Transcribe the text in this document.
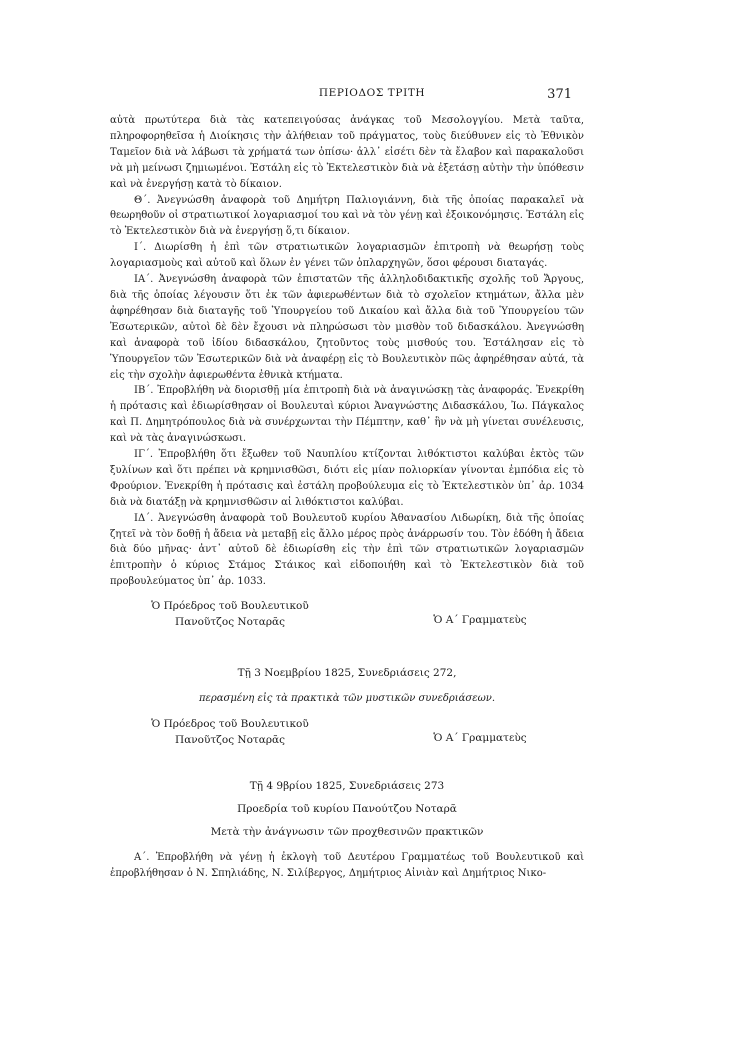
ΠΕΡΙΟΔΟΣ ΤΡΙΤΗ	371

αὐτὰ πρωτύτερα διὰ τὰς κατεπειγούσας ἀνάγκας τοῦ Μεσολογγίου. Μετὰ ταῦτα, πληροφορηθεῖσα ἡ Διοίκησις τὴν ἀλήθειαν τοῦ πράγματος, τοὺς διεύθυνεν εἰς τὸ Ἐθνικὸν Ταμεῖον διὰ νὰ λάβωσι τὰ χρήματά των ὀπίσω· ἀλλ᾽ εἰσέτι δὲν τὰ ἔλαβον καὶ παρακαλοῦσι νὰ μὴ μείνωσι ζημιωμένοι. Ἐστάλη εἰς τὸ Ἐκτελεστικὸν διὰ νὰ ἐξετάσῃ αὐτὴν τὴν ὑπόθεσιν καὶ νὰ ἐνεργήσῃ κατὰ τὸ δίκαιον.

Θ΄. Ἀνεγνώσθη ἀναφορὰ τοῦ Δημήτρη Παλιογιάννη, διὰ τῆς ὁποίας παρακαλεῖ νὰ θεωρηθοῦν οἱ στρατιωτικοί λογαριασμοί του καὶ νὰ τὸν γένῃ καὶ ἐξοικονόμησις. Ἐστάλη εἰς τὸ Ἐκτελεστικὸν διὰ νὰ ἐνεργήσῃ ὅ,τι δίκαιον.

Ι΄. Διωρίσθη ἡ ἐπὶ τῶν στρατιωτικῶν λογαριασμῶν ἐπιτροπὴ νὰ θεωρήσῃ τοὺς λογαριασμοὺς καὶ αὐτοῦ καὶ ὅλων ἐν γένει τῶν ὁπλαρχηγῶν, ὅσοι φέρουσι διαταγάς.

ΙΑ΄. Ἀνεγνώσθη ἀναφορὰ τῶν ἐπιστατῶν τῆς ἀλληλοδιδακτικῆς σχολῆς τοῦ Ἄργους, διὰ τῆς ὁποίας λέγουσιν ὅτι ἐκ τῶν ἀφιερωθέντων διὰ τὸ σχολεῖον κτημάτων, ἄλλα μὲν ἀφηρέθησαν διὰ διαταγῆς τοῦ Ὑπουργείου τοῦ Δικαίου καὶ ἄλλα διὰ τοῦ Ὑπουργείου τῶν Ἐσωτερικῶν, αὐτοὶ δὲ δὲν ἔχουσι νὰ πληρώσωσι τὸν μισθὸν τοῦ διδασκάλου. Ἀνεγνώσθη καὶ ἀναφορὰ τοῦ ἰδίου διδασκάλου, ζητοῦντος τοὺς μισθούς του. Ἐστάλησαν εἰς τὸ Ὑπουργεῖον τῶν Ἐσωτερικῶν διὰ νὰ ἀναφέρῃ εἰς τὸ Βουλευτικὸν πῶς ἀφηρέθησαν αὐτά, τὰ εἰς τὴν σχολὴν ἀφιερωθέντα ἐθνικὰ κτήματα.

ΙΒ΄. Ἐπροβλήθη νὰ διορισθῇ μία ἐπιτροπὴ διὰ νὰ ἀναγινώσκῃ τὰς ἀναφοράς. Ἐνεκρίθη ἡ πρότασις καὶ ἐδιωρίσθησαν οἱ Βουλευταὶ κύριοι Ἀναγνώστης Διδασκάλου, Ἰω. Πάγκαλος καὶ Π. Δημητρόπουλος διὰ νὰ συνέρχωνται τὴν Πέμπτην, καθ᾽ ἣν νὰ μὴ γίνεται συνέλευσις, καὶ νὰ τὰς ἀναγινώσκωσι.

ΙΓ΄. Ἐπροβλήθη ὅτι ἔξωθεν τοῦ Ναυπλίου κτίζονται λιθόκτιστοι καλύβαι ἐκτὸς τῶν ξυλίνων καὶ ὅτι πρέπει νὰ κρημνισθῶσι, διότι εἰς μίαν πολιορκίαν γίνονται ἐμπόδια εἰς τὸ Φρούριον. Ἐνεκρίθη ἡ πρότασις καὶ ἐστάλη προβούλευμα εἰς τὸ Ἐκτελεστικὸν ὑπ᾽ ἀρ. 1034 διὰ νὰ διατάξῃ νὰ κρημνισθῶσιν αἱ λιθόκτιστοι καλύβαι.

ΙΔ΄. Ἀνεγνώσθη ἀναφορὰ τοῦ Βουλευτοῦ κυρίου Ἀθανασίου Λιδωρίκη, διὰ τῆς ὁποίας ζητεῖ νὰ τὸν δοθῇ ἡ ἄδεια νὰ μεταβῇ εἰς ἄλλο μέρος πρὸς ἀνάρρωσίν του. Τὸν ἐδόθη ἡ ἄδεια διὰ δύο μῆνας· ἀντ᾽ αὐτοῦ δὲ ἐδιωρίσθη εἰς τὴν ἐπὶ τῶν στρατιωτικῶν λογαριασμῶν ἐπιτροπὴν ὁ κύριος Στάμος Στάικος καὶ εἰδοποιήθη καὶ τὸ Ἐκτελεστικὸν διὰ τοῦ προβουλεύματος ὑπ᾽ ἀρ. 1033.

Ὁ Πρόεδρος τοῦ Βουλευτικοῦ
Πανοῦτζος Νοταρᾶς	Ὁ Α΄ Γραμματεὺς
Τῇ 3 Νοεμβρίου 1825, Συνεδριάσεις 272,
περασμένη εἰς τὰ πρακτικὰ τῶν μυστικῶν συνεδριάσεων.
Ὁ Πρόεδρος τοῦ Βουλευτικοῦ
Πανοῦτζος Νοταρᾶς	Ὁ Α΄ Γραμματεὺς
Τῇ 4 9βρίου 1825, Συνεδριάσεις 273
Προεδρία τοῦ κυρίου Πανούτζου Νοταρᾶ
Μετὰ τὴν ἀνάγνωσιν τῶν προχθεσινῶν πρακτικῶν

Α΄. Ἐπροβλήθη νὰ γένῃ ἡ ἐκλογὴ τοῦ Δευτέρου Γραμματέως τοῦ Βουλευτικοῦ καὶ ἐπροβλήθησαν ὁ Ν. Σπηλιάδης, Ν. Σιλίβεργος, Δημήτριος Αἰνιὰν καὶ Δημήτριος Νικο-
